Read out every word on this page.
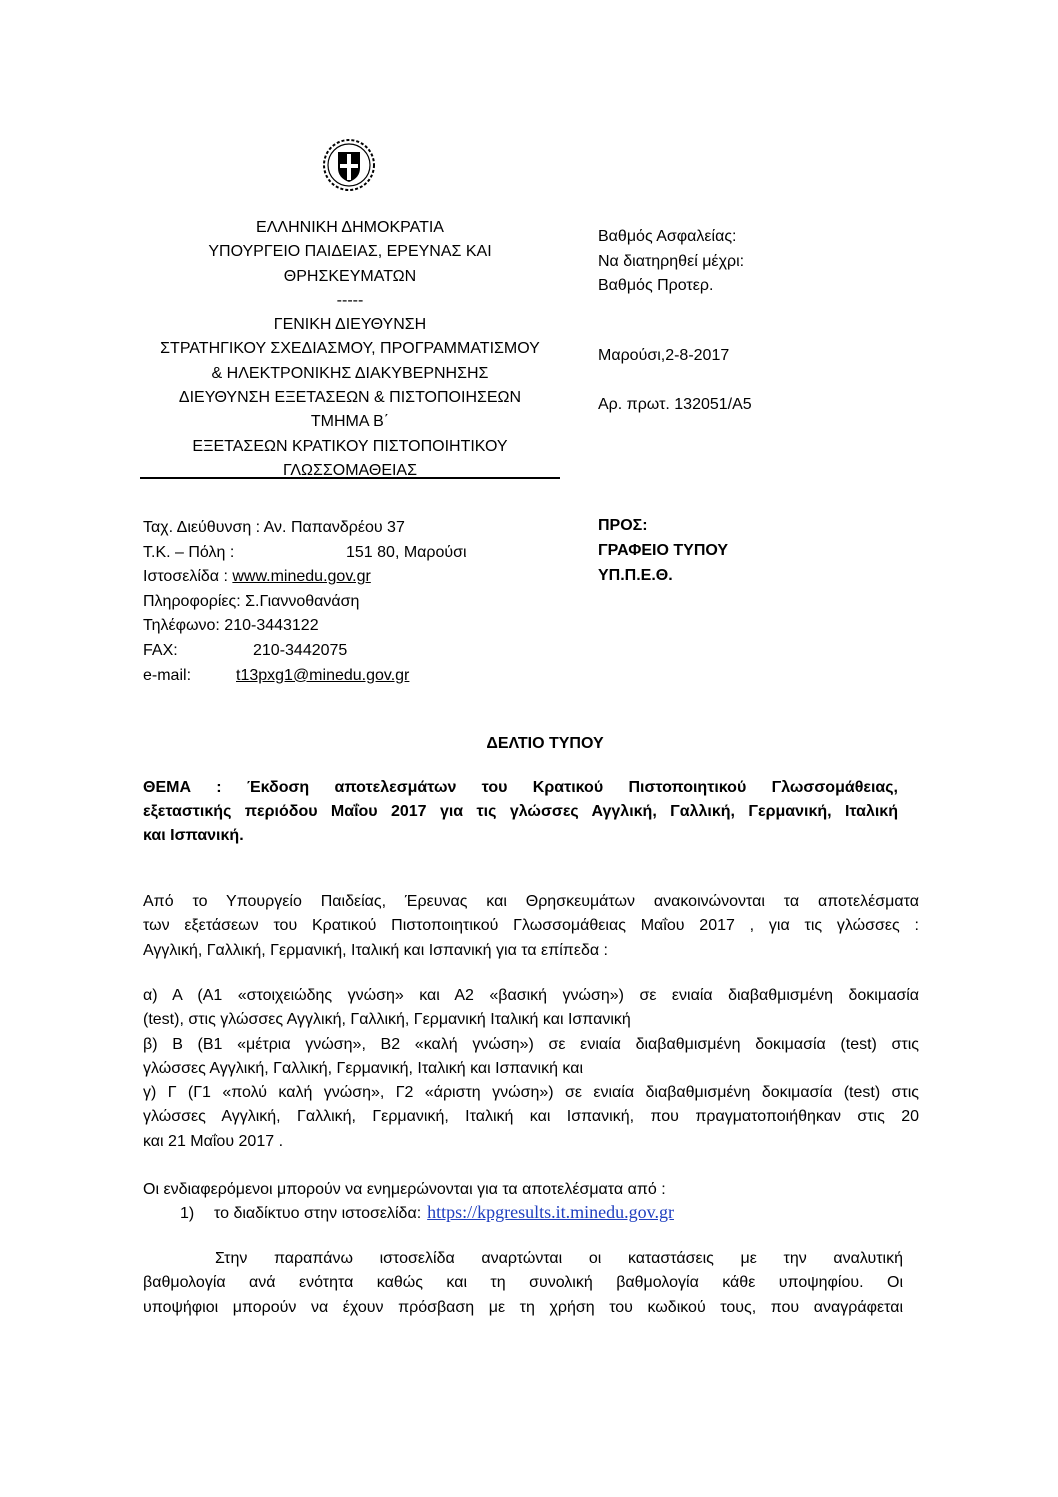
ΕΛΛΗΝΙΚΗ ΔΗΜΟΚΡΑΤΙΑ
ΥΠΟΥΡΓΕΙΟ ΠΑΙΔΕΙΑΣ, ΕΡΕΥΝΑΣ ΚΑΙ
ΘΡΗΣΚΕΥΜΑΤΩΝ
-----
ΓΕΝΙΚΗ ΔΙΕΥΘΥΝΣΗ
ΣΤΡΑΤΗΓΙΚΟΥ ΣΧΕΔΙΑΣΜΟΥ, ΠΡΟΓΡΑΜΜΑΤΙΣΜΟΥ
& ΗΛΕΚΤΡΟΝΙΚΗΣ ΔΙΑΚΥΒΕΡΝΗΣΗΣ
ΔΙΕΥΘΥΝΣΗ ΕΞΕΤΑΣΕΩΝ & ΠΙΣΤΟΠΟΙΗΣΕΩΝ
ΤΜΗΜΑ Β΄
ΕΞΕΤΑΣΕΩΝ ΚΡΑΤΙΚΟΥ ΠΙΣΤΟΠΟΙΗΤΙΚΟΥ
ΓΛΩΣΣΟΜΑΘΕΙΑΣ
Βαθμός Ασφαλείας:
Να διατηρηθεί μέχρι:
Βαθμός Προτερ.
Μαρούσι,2-8-2017
Αρ. πρωτ. 132051/Α5
Ταχ. Διεύθυνση : Αν. Παπανδρέου 37
Τ.Κ. – Πόλη :	151 80, Μαρούσι
Ιστοσελίδα : www.minedu.gov.gr
Πληροφορίες: Σ.Γιαννοθανάση
Τηλέφωνο: 210-3443122
FAX:	210-3442075
e-mail:	t13pxg1@minedu.gov.gr
ΠΡΟΣ:
ΓΡΑΦΕΙΟ ΤΥΠΟΥ
ΥΠ.Π.Ε.Θ.
ΔΕΛΤΙΟ ΤΥΠΟΥ
ΘΕΜΑ : Έκδοση αποτελεσμάτων του Κρατικού Πιστοποιητικού Γλωσσομάθειας,
εξεταστικής περιόδου Μαΐου 2017 για τις γλώσσες Αγγλική, Γαλλική, Γερμανική, Ιταλική
και Ισπανική.
Από το Υπουργείο Παιδείας, Έρευνας και Θρησκευμάτων ανακοινώνονται τα αποτελέσματα
των εξετάσεων του Κρατικού Πιστοποιητικού Γλωσσομάθειας Μαΐου 2017 , για τις γλώσσες :
Αγγλική, Γαλλική, Γερμανική, Ιταλική και Ισπανική για τα επίπεδα :
α) Α (Α1 «στοιχειώδης γνώση» και Α2 «βασική γνώση») σε ενιαία διαβαθμισμένη δοκιμασία
(test), στις γλώσσες Αγγλική, Γαλλική, Γερμανική Ιταλική και Ισπανική
β) Β (Β1 «μέτρια γνώση», Β2 «καλή γνώση») σε ενιαία διαβαθμισμένη δοκιμασία (test) στις
γλώσσες Αγγλική, Γαλλική, Γερμανική, Ιταλική και Ισπανική και
γ) Γ (Γ1 «πολύ καλή γνώση», Γ2 «άριστη γνώση») σε ενιαία διαβαθμισμένη δοκιμασία (test) στις
γλώσσες Αγγλική, Γαλλική, Γερμανική, Ιταλική και Ισπανική, που πραγματοποιήθηκαν στις 20
και 21 Μαΐου 2017 .
Οι ενδιαφερόμενοι μπορούν να ενημερώνονται για τα αποτελέσματα από :
1) το διαδίκτυο στην ιστοσελίδα: https://kpgresults.it.minedu.gov.gr
Στην παραπάνω ιστοσελίδα αναρτώνται οι καταστάσεις με την αναλυτική
βαθμολογία ανά ενότητα καθώς και τη συνολική βαθμολογία κάθε υποψηφίου. Οι
υποψήφιοι μπορούν να έχουν πρόσβαση με τη χρήση του κωδικού τους, που αναγράφεται
